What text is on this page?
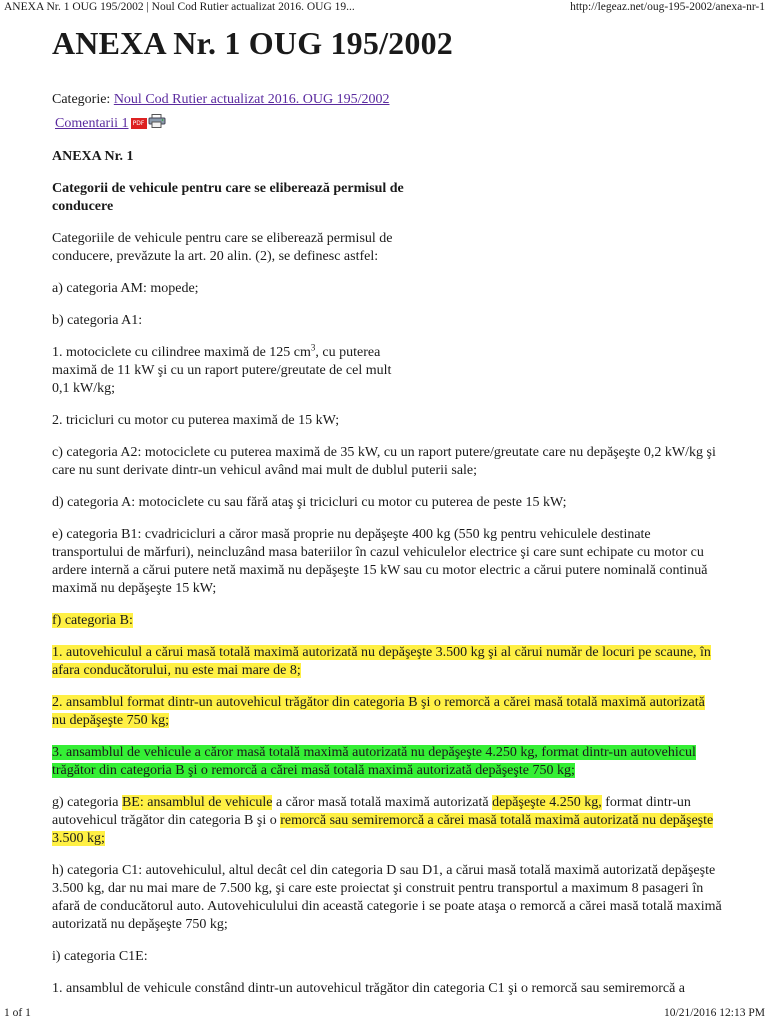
ANEXA Nr. 1 OUG 195/2002 | Noul Cod Rutier actualizat 2016. OUG 19...	http://legeaz.net/oug-195-2002/anexa-nr-1
ANEXA Nr. 1 OUG 195/2002
Categorie: Noul Cod Rutier actualizat 2016. OUG 195/2002
Comentarii 1 PDF

ANEXA Nr. 1

Categorii de vehicule pentru care se eliberează permisul de conducere

Categoriile de vehicule pentru care se eliberează permisul de conducere, prevăzute la art. 20 alin. (2), se definesc astfel:

a) categoria AM: mopede;

b) categoria A1:

1. motociclete cu cilindree maximă de 125 $cm^3$, cu puterea maximă de 11 kW şi cu un raport putere/greutate de cel mult 0,1 kW/kg;

2. tricicluri cu motor cu puterea maximă de 15 kW;

c) categoria A2: motociclete cu puterea maximă de 35 kW, cu un raport putere/greutate care nu depăşeşte 0,2 kW/kg şi care nu sunt derivate dintr-un vehicul având mai mult de dublul puterii sale;

d) categoria A: motociclete cu sau fără ataş şi tricicluri cu motor cu puterea de peste 15 kW;

e) categoria B1: cvadricicluri a căror masă proprie nu depăşeşte 400 kg (550 kg pentru vehiculele destinate transportului de mărfuri), neincluzând masa bateriilor în cazul vehiculelor electrice şi care sunt echipate cu motor cu ardere internă a cărui putere netă maximă nu depăşeşte 15 kW sau cu motor electric a cărui putere nominală continuă maximă nu depăşeşte 15 kW;

f) categoria B:

1. autovehiculul a cărui masă totală maximă autorizată nu depăşeşte 3.500 kg şi al cărui număr de locuri pe scaune, în afara conducătorului, nu este mai mare de 8;

2. ansamblul format dintr-un autovehicul trăgător din categoria B şi o remorcă a cărei masă totală maximă autorizată nu depăşeşte 750 kg;

3. ansamblul de vehicule a căror masă totală maximă autorizată nu depăşeşte 4.250 kg, format dintr-un autovehicul trăgător din categoria B şi o remorcă a cărei masă totală maximă autorizată depăşeşte 750 kg;

g) categoria BE: ansamblul de vehicule a căror masă totală maximă autorizată depăşeşte 4.250 kg, format dintr-un autovehicul trăgător din categoria B şi o remorcă sau semiremorcă a cărei masă totală maximă autorizată nu depăşeşte 3.500 kg;

h) categoria C1: autovehiculul, altul decât cel din categoria D sau D1, a cărui masă totală maximă autorizată depăşeşte 3.500 kg, dar nu mai mare de 7.500 kg, şi care este proiectat şi construit pentru transportul a maximum 8 pasageri în afară de conducătorul auto. Autovehiculului din această categorie i se poate ataşa o remorcă a cărei masă totală maximă autorizată nu depăşeşte 750 kg;

i) categoria C1E:

1. ansamblul de vehicule constând dintr-un autovehicul trăgător din categoria C1 şi o remorcă sau semiremorcă a

1 of 1	10/21/2016 12:13 PM
